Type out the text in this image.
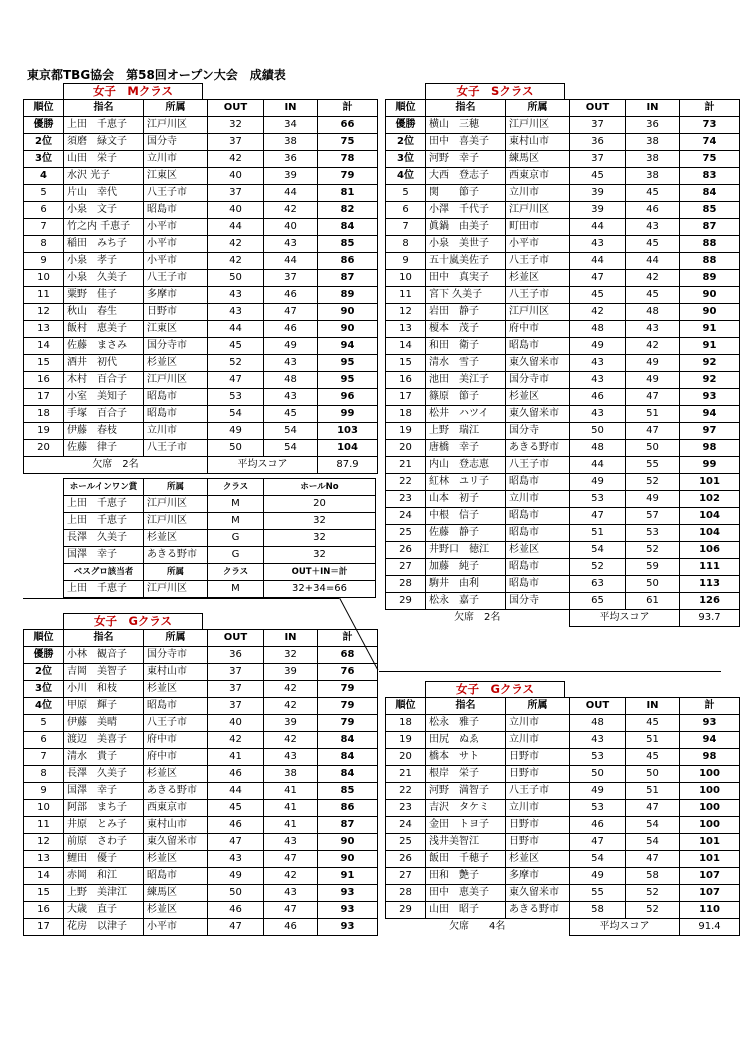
東京都TBG協会　第58回オープン大会　成績表
女子　Mクラス
順位	指名	所属	OUT	IN	計
優勝	上田　千恵子	江戸川区	32	34	66
2位	須磨　緑文子	国分寺	37	38	75
3位	山田　栄子	立川市	42	36	78
4	水沢 光子	江東区	40	39	79
5	片山　幸代	八王子市	37	44	81
6	小泉　文子	昭島市	40	42	82
7	竹之内 千恵子	小平市	44	40	84
8	稲田　みち子	小平市	42	43	85
9	小泉　孝子	小平市	42	44	86
10	小泉　久美子	八王子市	50	37	87
11	粟野　佳子	多摩市	43	46	89
12	秋山　春生	日野市	43	47	90
13	飯村　恵美子	江東区	44	46	90
14	佐藤　まさみ	国分寺市	45	49	94
15	酒井　初代	杉並区	52	43	95
16	木村　百合子	江戸川区	47	48	95
17	小室　美知子	昭島市	53	43	96
18	手塚　百合子	昭島市	54	45	99
19	伊藤　春枝	立川市	49	54	103
20	佐藤　律子	八王子市	50	54	104
欠席　2名			平均スコア		87.9
ホールインワン賞	所属	クラス	ホールNo
上田　千恵子	江戸川区	M	20
上田　千恵子	江戸川区	M	32
長澤　久美子	杉並区	G	32
国澤　幸子	あきる野市	G	32
ベスグロ該当者	所属	クラス	OUT＋IN＝計
上田　千恵子	江戸川区	M	32+34=66
女子　Sクラス
順位	指名	所属	OUT	IN	計
優勝	横山　三穂	江戸川区	37	36	73
2位	田中　喜美子	東村山市	36	38	74
3位	河野　幸子	練馬区	37	38	75
4位	大西　登志子	西東京市	45	38	83
5	関　　節子	立川市	39	45	84
6	小澤　千代子	江戸川区	39	46	85
7	眞鍋　由美子	町田市	44	43	87
8	小泉　美世子	小平市	43	45	88
9	五十嵐美佐子	八王子市	44	44	88
10	田中　真実子	杉並区	47	42	89
11	宮下 久美子	八王子市	45	45	90
12	岩田　静子	江戸川区	42	48	90
13	榎本　茂子	府中市	48	43	91
14	和田　衛子	昭島市	49	42	91
15	清水　雪子	東久留米市	43	49	92
16	池田　美江子	国分寺市	43	49	92
17	篠原　節子	杉並区	46	47	93
18	松井　ハツイ	東久留米市	43	51	94
19	上野　瑞江	国分寺	50	47	97
20	唐橋　幸子	あきる野市	48	50	98
21	内山　登志恵	八王子市	44	55	99
22	紅林　ユリ子	昭島市	49	52	101
23	山本　初子	立川市	53	49	102
24	中根　信子	昭島市	47	57	104
25	佐藤　静子	昭島市	51	53	104
26	井野口　徳江	杉並区	54	52	106
27	加藤　純子	昭島市	52	59	111
28	駒井　由利	昭島市	63	50	113
29	松永　嘉子	国分寺	65	61	126
欠席　2名			平均スコア		93.7
女子　Gクラス
順位	指名	所属	OUT	IN	計
優勝	小林　観音子	国分寺市	36	32	68
2位	吉岡　美智子	東村山市	37	39	76
3位	小川　和枝	杉並区	37	42	79
4位	甲原　輝子	昭島市	37	42	79
5	伊藤　美晴	八王子市	40	39	79
6	渡辺　美喜子	府中市	42	42	84
7	清水　貴子	府中市	41	43	84
8	長澤　久美子	杉並区	46	38	84
9	国澤　幸子	あきる野市	44	41	85
10	阿部　まち子	西東京市	45	41	86
11	井原　とみ子	東村山市	46	41	87
12	前原　さわ子	東久留米市	47	43	90
13	鯉田　優子	杉並区	43	47	90
14	赤岡　和江	昭島市	49	42	91
15	上野　美津江	練馬区	50	43	93
16	大歳　直子	杉並区	46	47	93
17	花房　以津子	小平市	47	46	93
女子　Gクラス
順位	指名	所属	OUT	IN	計
18	松永　雅子	立川市	48	45	93
19	田尻　ぬゑ	立川市	43	51	94
20	橋本　サト	日野市	53	45	98
21	根岸　栄子	日野市	50	50	100
22	河野　満智子	八王子市	49	51	100
23	吉沢　タケミ	立川市	53	47	100
24	金田　トヨ子	日野市	46	54	100
25	浅井美智江	日野市	47	54	101
26	飯田　千穂子	杉並区	54	47	101
27	田和　艶子	多摩市	49	58	107
28	田中　恵美子	東久留米市	55	52	107
29	山田　昭子	あきる野市	58	52	110
欠席　　4名			平均スコア		91.4
